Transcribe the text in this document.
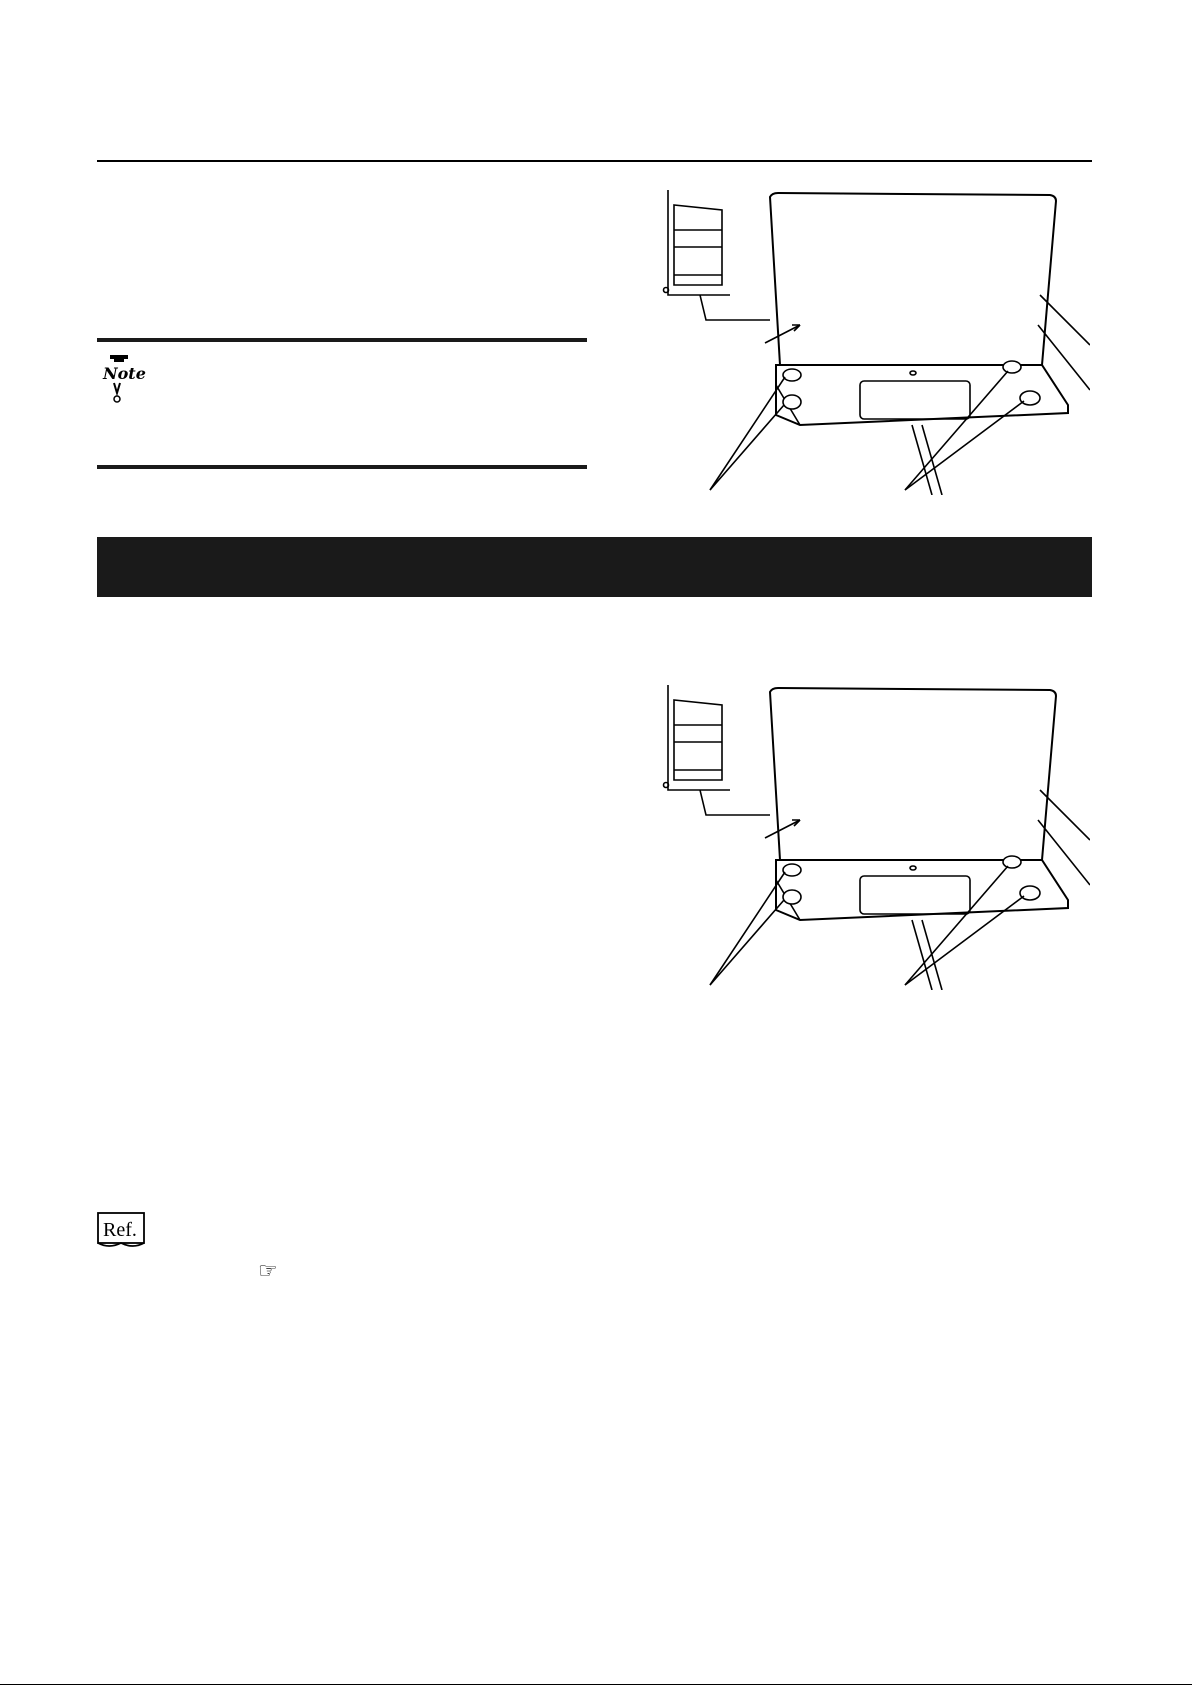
Note
Ref.
☞
